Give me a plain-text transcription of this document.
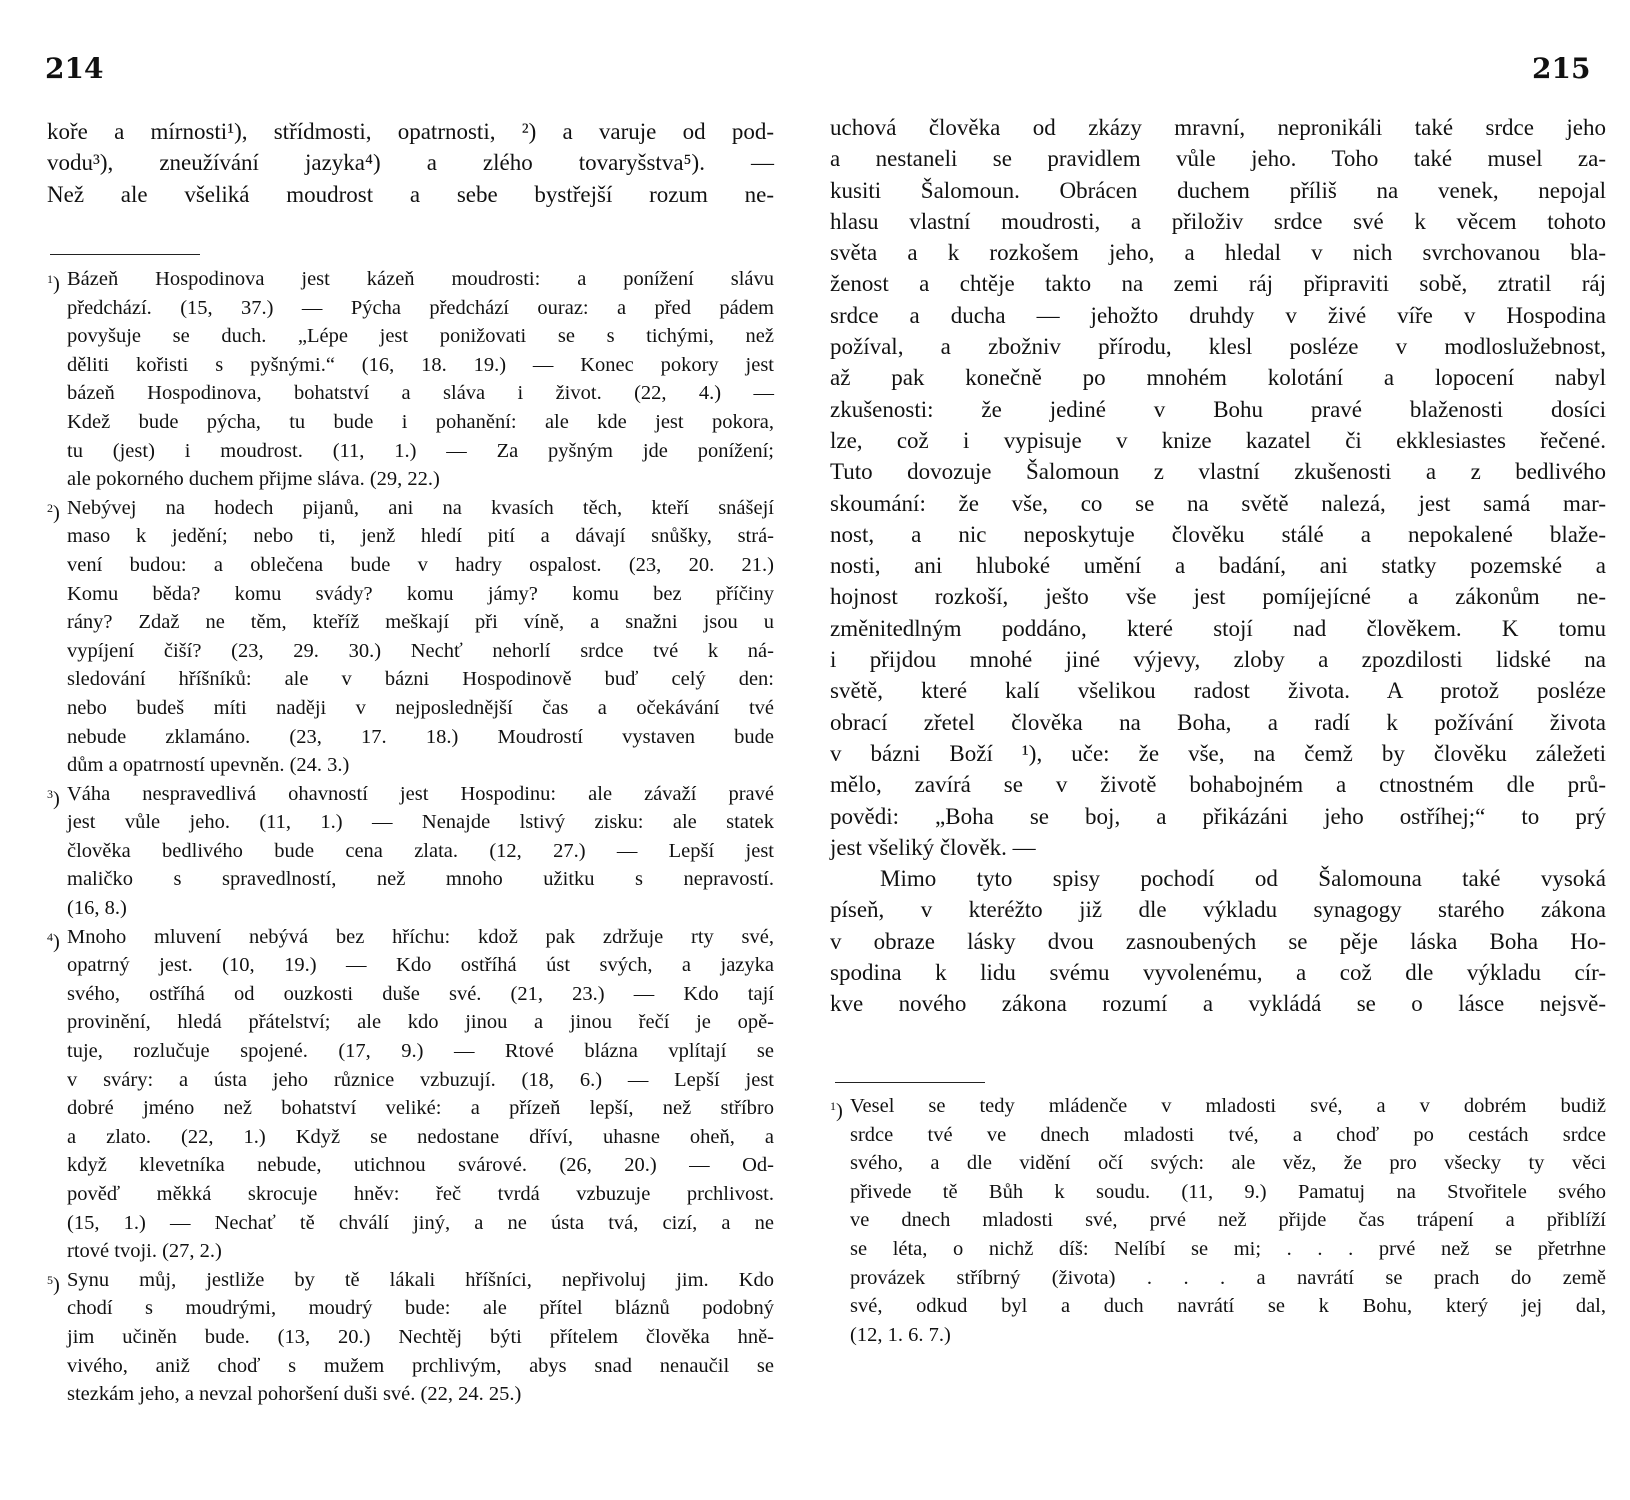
214
kořе a mírnosti¹), střídmosti, opatrnosti, ²) a varuje od pod-
vodu³), zneužívání jazyka⁴) a zlého tovaryšstva⁵). —
Než ale všeliká moudrost a sebe bystřejší rozum ne-
$^1$) Bázeň Hospodinova jest kázeň moudrosti: a ponížení slávu
předchází. (15, 37.) — Pýcha předchází ouraz: a před pádem
povyšuje se duch. „Lépe jest ponižovati se s tichými, než
děliti kořisti s pyšnými.“ (16, 18. 19.) — Konec pokory jest
bázeň Hospodinova, bohatství a sláva i život. (22, 4.) —
Kdež bude pýcha, tu bude i pohanění: ale kde jest pokora,
tu (jest) i moudrost. (11, 1.) — Za pyšným jde ponížení;
ale pokorného duchem přijme sláva. (29, 22.)
$^2$) Nebývej na hodech pijanů, ani na kvasích těch, kteří snášejí
maso k jedění; nebo ti, jenž hledí pití a dávají snůšky, strá-
vení budou: a oblečena bude v hadry ospalost. (23, 20. 21.)
Komu běda? komu svády? komu jámy? komu bez příčiny
rány? Zdaž ne těm, kteříž meškají při víně, a snažni jsou u
vypíjení čiší? (23, 29. 30.) Nechť nehorlí srdce tvé k ná-
sledování hříšníků: ale v bázni Hospodinově buď celý den:
nebo budeš míti naději v nejposlednější čas a očekávání tvé
nebude zklamáno. (23, 17. 18.) Moudrostí vystaven bude
dům a opatrností upevněn. (24. 3.)
$^3$) Váha nespravedlivá ohavností jest Hospodinu: ale závaží pravé
jest vůle jeho. (11, 1.) — Nenajde lstivý zisku: ale statek
člověka bedlivého bude cena zlata. (12, 27.) — Lepší jest
maličko s spravedlností, než mnoho užitku s nepravostí.
(16, 8.)
$^4$) Mnoho mluvení nebývá bez hříchu: kdož pak zdržuje rty své,
opatrný jest. (10, 19.) — Kdo ostříhá úst svých, a jazyka
svého, ostříhá od ouzkosti duše své. (21, 23.) — Kdo tají
provinění, hledá přátelství; ale kdo jinou a jinou řečí je opě-
tuje, rozlučuje spojené. (17, 9.) — Rtové blázna vplítají se
v sváry: a ústa jeho různice vzbuzují. (18, 6.) — Lepší jest
dobré jméno než bohatství veliké: a přízeň lepší, než stříbro
a zlato. (22, 1.) Když se nedostane dříví, uhasne oheň, a
když klevetníka nebude, utichnou svárové. (26, 20.) — Od-
pověď měkká skrocuje hněv: řeč tvrdá vzbuzuje prchlivost.
(15, 1.) — Nechať tě chválí jiný, a ne ústa tvá, cizí, a ne
rtové tvoji. (27, 2.)
$^5$) Synu můj, jestliže by tě lákali hříšníci, nepřivoluj jim. Kdo
chodí s moudrými, moudrý bude: ale přítel bláznů podobný
jim učiněn bude. (13, 20.) Nechtěj býti přítelem člověka hně-
vivého, aniž choď s mužem prchlivým, abys snad nenaučil se
stezkám jeho, a nevzal pohoršení duši své. (22, 24. 25.)
215
uchová člověka od zkázy mravní, nepronikáli také srdce jeho
a nestaneli se pravidlem vůle jeho. Toho také musel za-
kusiti Šalomoun. Obrácen duchem příliš na venek, nepojal
hlasu vlastní moudrosti, a přiloživ srdce své k věcem tohoto
světa a k rozkošem jeho, a hledal v nich svrchovanou bla-
ženost a chtěje takto na zemi ráj připraviti sobě, ztratil ráj
srdce a ducha — jehožto druhdy v živé víře v Hospodina
požíval, a zbožniv přírodu, klesl posléze v modloslužebnost,
až pak konečně po mnohém kolotání a lopocení nabyl
zkušenosti: že jediné v Bohu pravé blaženosti dosíci
lze, což i vypisuje v knize kazatel či ekklesiastes řečené.
Tuto dovozuje Šalomoun z vlastní zkušenosti a z bedlivého
skoumání: že vše, co se na světě nalezá, jest samá mar-
nost, a nic neposkytuje člověku stálé a nepokalené blaže-
nosti, ani hluboké umění a badání, ani statky pozemské a
hojnost rozkoší, ješto vše jest pomíjejícné a zákonům ne-
změnitedlným poddáno, které stojí nad člověkem. K tomu
i přijdou mnohé jiné výjevy, zloby a zpozdilosti lidské na
světě, které kalí všelikou radost života. A protož posléze
obrací zřetel člověka na Boha, a radí k požívání života
v bázni Boží ¹), uče: že vše, na čemž by člověku záležeti
mělo, zavírá se v životě bohabojném a ctnostném dle prů-
povědi: „Boha se boj, a přikázáni jeho ostříhej;“ to prý
jest všeliký člověk. —
Mimo tyto spisy pochodí od Šalomouna také vysoká
píseň, v kteréžto již dle výkladu synagogy starého zákona
v obraze lásky dvou zasnoubených se pěje láska Boha Ho-
spodina k lidu svému vyvolenému, a což dle výkladu cír-
kve nového zákona rozumí a vykládá se o lásce nejsvě-
$^1$) Vesel se tedy mládenče v mladosti své, a v dobrém budiž
srdce tvé ve dnech mladosti tvé, a choď po cestách srdce
svého, a dle vidění očí svých: ale věz, že pro všecky ty věci
přivede tě Bůh k soudu. (11, 9.) Pamatuj na Stvořitele svého
ve dnech mladosti své, prvé než přijde čas trápení a přiblíží
se léta, o nichž díš: Nelíbí se mi; . . . prvé než se přetrhne
provázek stříbrný (života) . . . a navrátí se prach do země
své, odkud byl a duch navrátí se k Bohu, který jej dal,
(12, 1. 6. 7.)
